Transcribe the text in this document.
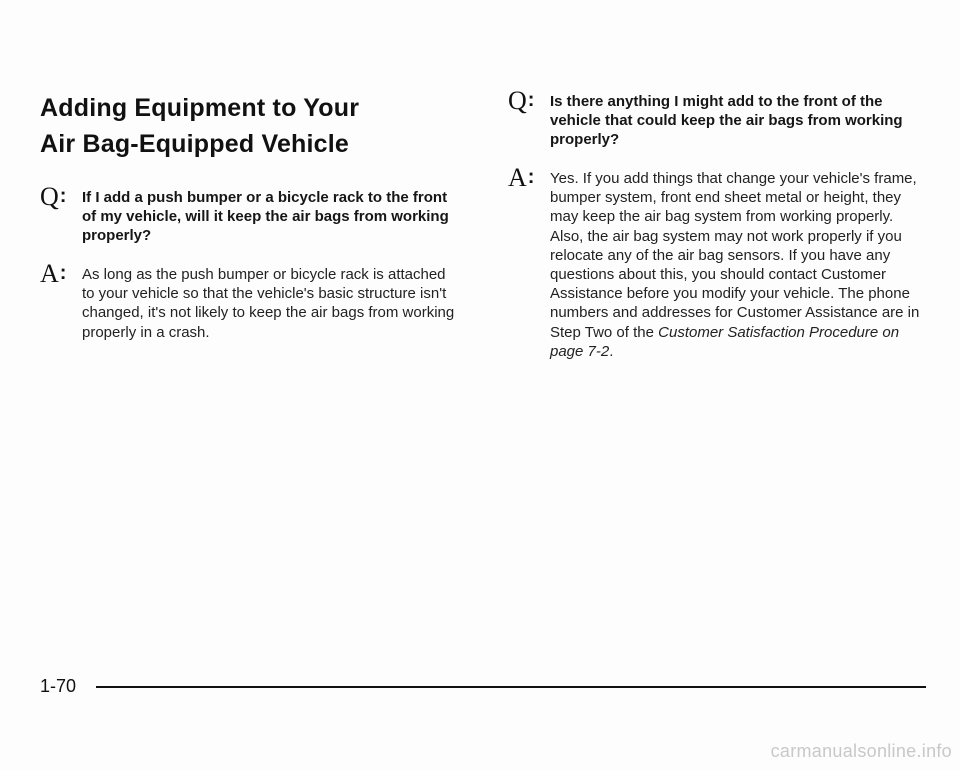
Adding Equipment to Your
Air Bag-Equipped Vehicle
Q: If I add a push bumper or a bicycle rack to the front of my vehicle, will it keep the air bags from working properly?
A: As long as the push bumper or bicycle rack is attached to your vehicle so that the vehicle's basic structure isn't changed, it's not likely to keep the air bags from working properly in a crash.
Q: Is there anything I might add to the front of the vehicle that could keep the air bags from working properly?
A: Yes. If you add things that change your vehicle's frame, bumper system, front end sheet metal or height, they may keep the air bag system from working properly. Also, the air bag system may not work properly if you relocate any of the air bag sensors. If you have any questions about this, you should contact Customer Assistance before you modify your vehicle. The phone numbers and addresses for Customer Assistance are in Step Two of the Customer Satisfaction Procedure on page 7-2.
1-70
carmanualsonline.info
